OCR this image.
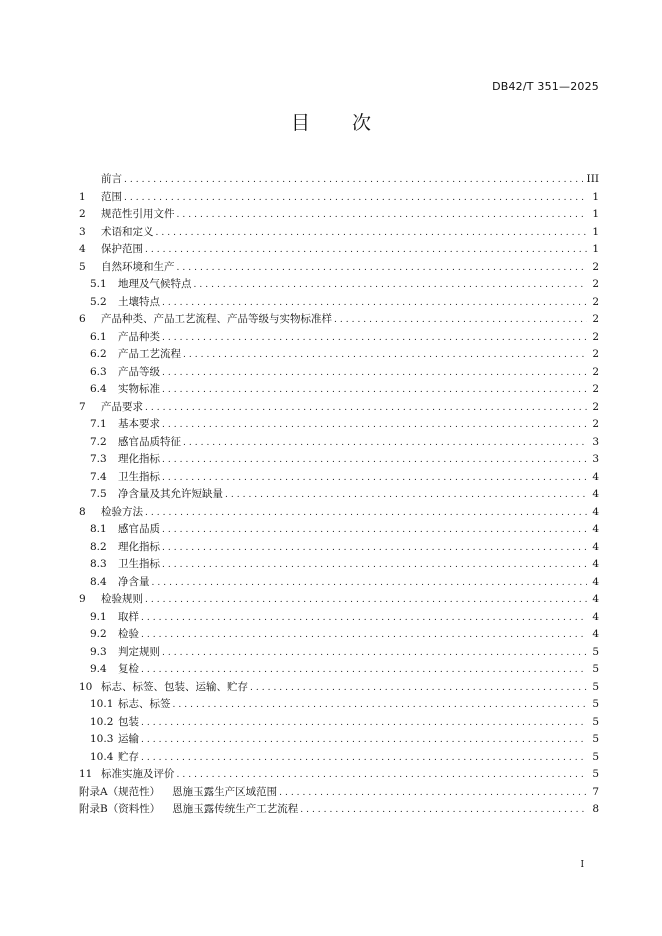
DB42/T 351—2025
目 次
前言 .....	III
1	范围 .....	1
2	规范性引用文件 .....	1
3	术语和定义 .....	1
4	保护范围 .....	1
5	自然环境和生产 .....	2
5.1	地理及气候特点 .....	2
5.2	土壤特点 .....	2
6	产品种类、产品工艺流程、产品等级与实物标准样 .....	2
6.1	产品种类 .....	2
6.2	产品工艺流程 .....	2
6.3	产品等级 .....	2
6.4	实物标准 .....	2
7	产品要求 .....	2
7.1	基本要求 .....	2
7.2	感官品质特征 .....	3
7.3	理化指标 .....	3
7.4	卫生指标 .....	4
7.5	净含量及其允许短缺量 .....	4
8	检验方法 .....	4
8.1	感官品质 .....	4
8.2	理化指标 .....	4
8.3	卫生指标 .....	4
8.4	净含量 .....	4
9	检验规则 .....	4
9.1	取样 .....	4
9.2	检验 .....	4
9.3	判定规则 .....	5
9.4	复检 .....	5
10 标志、标签、包装、运输、贮存 .....	5
10.1 标志、标签 .....	5
10.2 包装 .....	5
10.3 运输 .....	5
10.4 贮存 .....	5
11 标准实施及评价 .....	5
附录A（规范性）	恩施玉露生产区域范围 .....	7
附录B（资料性）	恩施玉露传统生产工艺流程 .....	8
I
